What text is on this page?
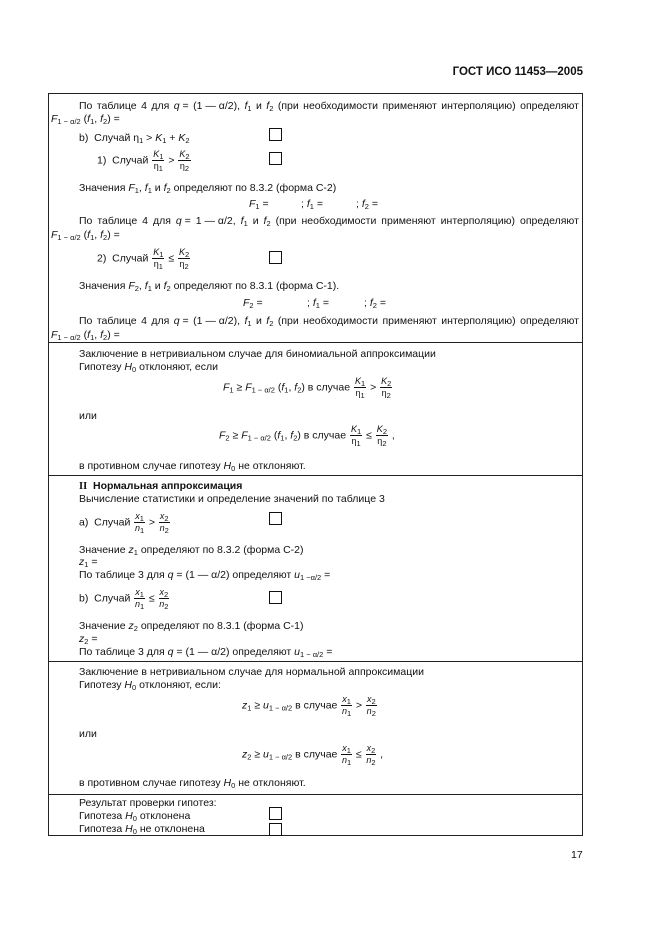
ГОСТ ИСО 11453—2005
По таблице 4 для q = (1 — α/2), $f_1$ и $f_2$ (при необходимости применяют интерполяцию) определяют
$F_{1 - \alpha/2}$ ($f_1$, $f_2$) =
b)  Случай $\eta_1 > K_1 + K_2$
1)  Случай $\frac{K_1}{\eta_1} > \frac{K_2}{\eta_2}$
Значения $F_1$, $f_1$ и $f_2$ определяют по 8.3.2 (форма С-2)
$F_1$ =	; $f_1$ =	; $f_2$ =
По таблице 4 для q = 1 — α/2, $f_1$ и $f_2$ (при необходимости применяют интерполяцию) определяют
$F_{1 - \alpha/2}$ ($f_1$, $f_2$) =
2)  Случай $\frac{K_1}{\eta_1} \le \frac{K_2}{\eta_2}$
Значения $F_2$, $f_1$ и $f_2$ определяют по 8.3.1 (форма С-1).
$F_2$ =	; $f_1$ =	; $f_2$ =
По таблице 4 для q = (1 — α/2), $f_1$ и $f_2$ (при необходимости применяют интерполяцию) определяют
$F_{1 - \alpha/2}$ ($f_1$, $f_2$) =
Заключение в нетривиальном случае для биномиальной аппроксимации
Гипотезу $H_0$ отклоняют, если
$F_1 \ge F_{1 - \alpha/2}$ ($f_1$, $f_2$) в случае $\frac{K_1}{\eta_1} > \frac{K_2}{\eta_2}$
или
$F_2 \ge F_{1 - \alpha/2}$ ($f_1$, $f_2$) в случае $\frac{K_1}{\eta_1} \le \frac{K_2}{\eta_2}$ ,
в противном случае гипотезу $H_0$ не отклоняют.
II Нормальная аппроксимация
Вычисление статистики и определение значений по таблице 3
a)  Случай $\frac{x_1}{n_1} > \frac{x_2}{n_2}$
Значение $z_1$ определяют по 8.3.2 (форма С-2)
$z_1$ =
По таблице 3 для q = (1 — α/2) определяют $u_{1 -\alpha/2}$ =
b)  Случай $\frac{x_1}{n_1} \le \frac{x_2}{n_2}$
Значение $z_2$ определяют по 8.3.1 (форма С-1)
$z_2$ =
По таблице 3 для q = (1 — α/2) определяют $u_{1 - \alpha/2}$ =
Заключение в нетривиальном случае для нормальной аппроксимации
Гипотезу $H_0$ отклоняют, если:
$z_1 \ge u_{1 - \alpha/2}$ в случае $\frac{x_1}{n_1} > \frac{x_2}{n_2}$
или
$z_2 \ge u_{1 - \alpha/2}$ в случае $\frac{x_1}{n_1} \le \frac{x_2}{n_2}$ ,
в противном случае гипотезу $H_0$ не отклоняют.
Результат проверки гипотез:
Гипотеза $H_0$ отклонена
Гипотеза $H_0$ не отклонена
17
